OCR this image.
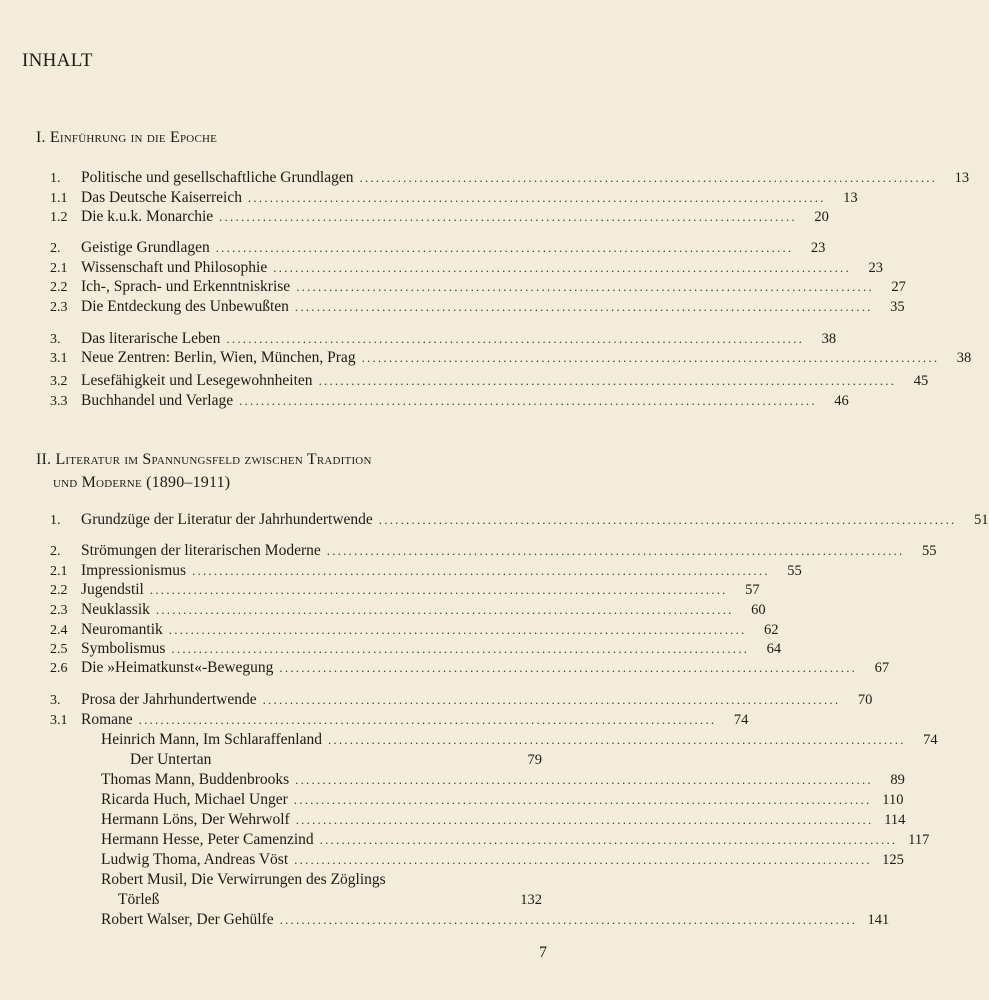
INHALT
I. Einführung in die Epoche
1.	Politische und gesellschaftliche Grundlagen ..........................................................................................................	13
1.1 Das Deutsche Kaiserreich ..........................................................................................................	13
1.2 Die k.u.k. Monarchie ..........................................................................................................	20
2.	Geistige Grundlagen ..........................................................................................................	23
2.1 Wissenschaft und Philosophie ..........................................................................................................	23
2.2 Ich-, Sprach- und Erkenntniskrise ..........................................................................................................	27
2.3 Die Entdeckung des Unbewußten ..........................................................................................................	35
3.	Das literarische Leben ..........................................................................................................	38
3.1 Neue Zentren: Berlin, Wien, München, Prag ..........................................................................................................	38
3.2 Lesefähigkeit und Lesegewohnheiten ..........................................................................................................	45
3.3 Buchhandel und Verlage ..........................................................................................................	46
II. Literatur im Spannungsfeld zwischen Tradition
und Moderne (1890–1911)
1.	Grundzüge der Literatur der Jahrhundertwende ..........................................................................................................	51
2.	Strömungen der literarischen Moderne ..........................................................................................................	55
2.1 Impressionismus ..........................................................................................................	55
2.2 Jugendstil ..........................................................................................................	57
2.3 Neuklassik ..........................................................................................................	60
2.4 Neuromantik ..........................................................................................................	62
2.5 Symbolismus ..........................................................................................................	64
2.6 Die »Heimatkunst«-Bewegung ..........................................................................................................	67
3.	Prosa der Jahrhundertwende ..........................................................................................................	70
3.1 Romane ..........................................................................................................	74
Heinrich Mann, Im Schlaraffenland ..........................................................................................................	74
Der Untertan	79
Thomas Mann, Buddenbrooks ..........................................................................................................	89
Ricarda Huch, Michael Unger .......................................................................................................... 110
Hermann Löns, Der Wehrwolf .......................................................................................................... 114
Hermann Hesse, Peter Camenzind .......................................................................................................... 117
Ludwig Thoma, Andreas Vöst .......................................................................................................... 125
Robert Musil, Die Verwirrungen des Zöglings
Törleß	132
Robert Walser, Der Gehülfe .......................................................................................................... 141
7
